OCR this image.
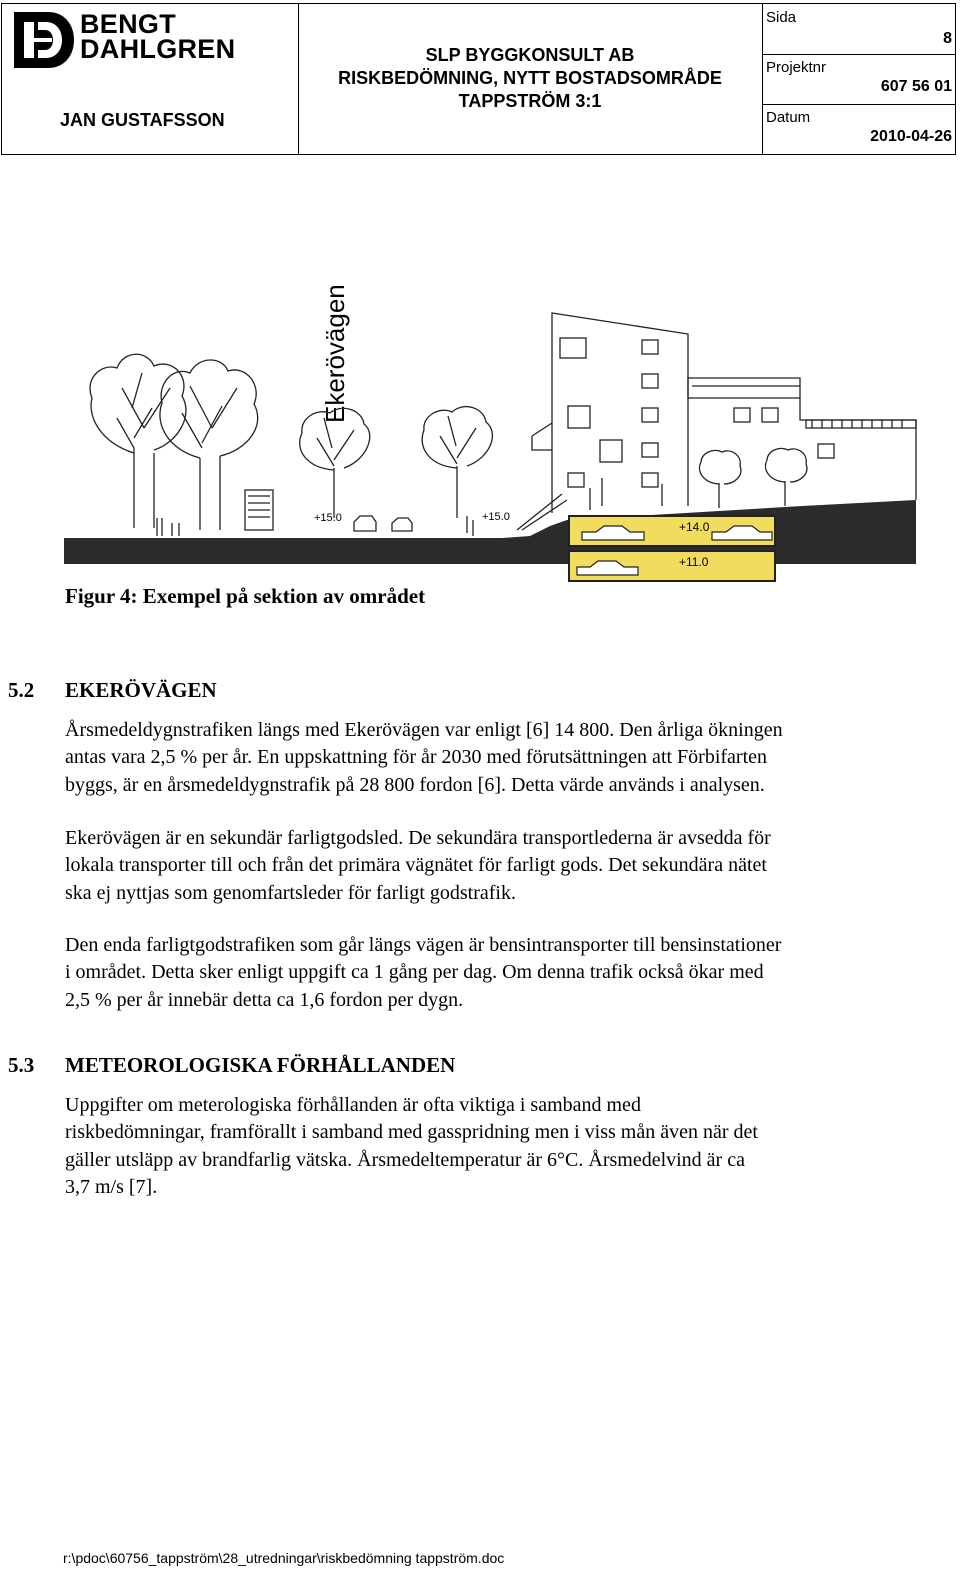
BENGT
DAHLGREN
JAN GUSTAFSSON
SLP BYGGKONSULT AB
RISKBEDÖMNING, NYTT BOSTADSOMRÅDE
TAPPSTRÖM 3:1
Sida
8
Projektnr
607 56 01
Datum
2010-04-26
Ekerövägen
+15.0	+15.0
+14.0
+11.0
Figur 4: Exempel på sektion av området
5.2 EKERÖVÄGEN
Årsmedeldygnstrafiken längs med Ekerövägen var enligt [6] 14 800. Den årliga ökningen
antas vara 2,5 % per år. En uppskattning för år 2030 med förutsättningen att Förbifarten
byggs, är en årsmedeldygnstrafik på 28 800 fordon [6]. Detta värde används i analysen.
Ekerövägen är en sekundär farligtgodsled. De sekundära transportlederna är avsedda för
lokala transporter till och från det primära vägnätet för farligt gods. Det sekundära nätet
ska ej nyttjas som genomfartsleder för farligt godstrafik.
Den enda farligtgodstrafiken som går längs vägen är bensintransporter till bensinstationer
i området. Detta sker enligt uppgift ca 1 gång per dag. Om denna trafik också ökar med
2,5 % per år innebär detta ca 1,6 fordon per dygn.
5.3 METEOROLOGISKA FÖRHÅLLANDEN
Uppgifter om meterologiska förhållanden är ofta viktiga i samband med
riskbedömningar, framförallt i samband med gasspridning men i viss mån även när det
gäller utsläpp av brandfarlig vätska. Årsmedeltemperatur är 6°C. Årsmedelvind är ca
3,7 m/s [7].
r:\pdoc\60756_tappström\28_utredningar\riskbedömning tappström.doc
